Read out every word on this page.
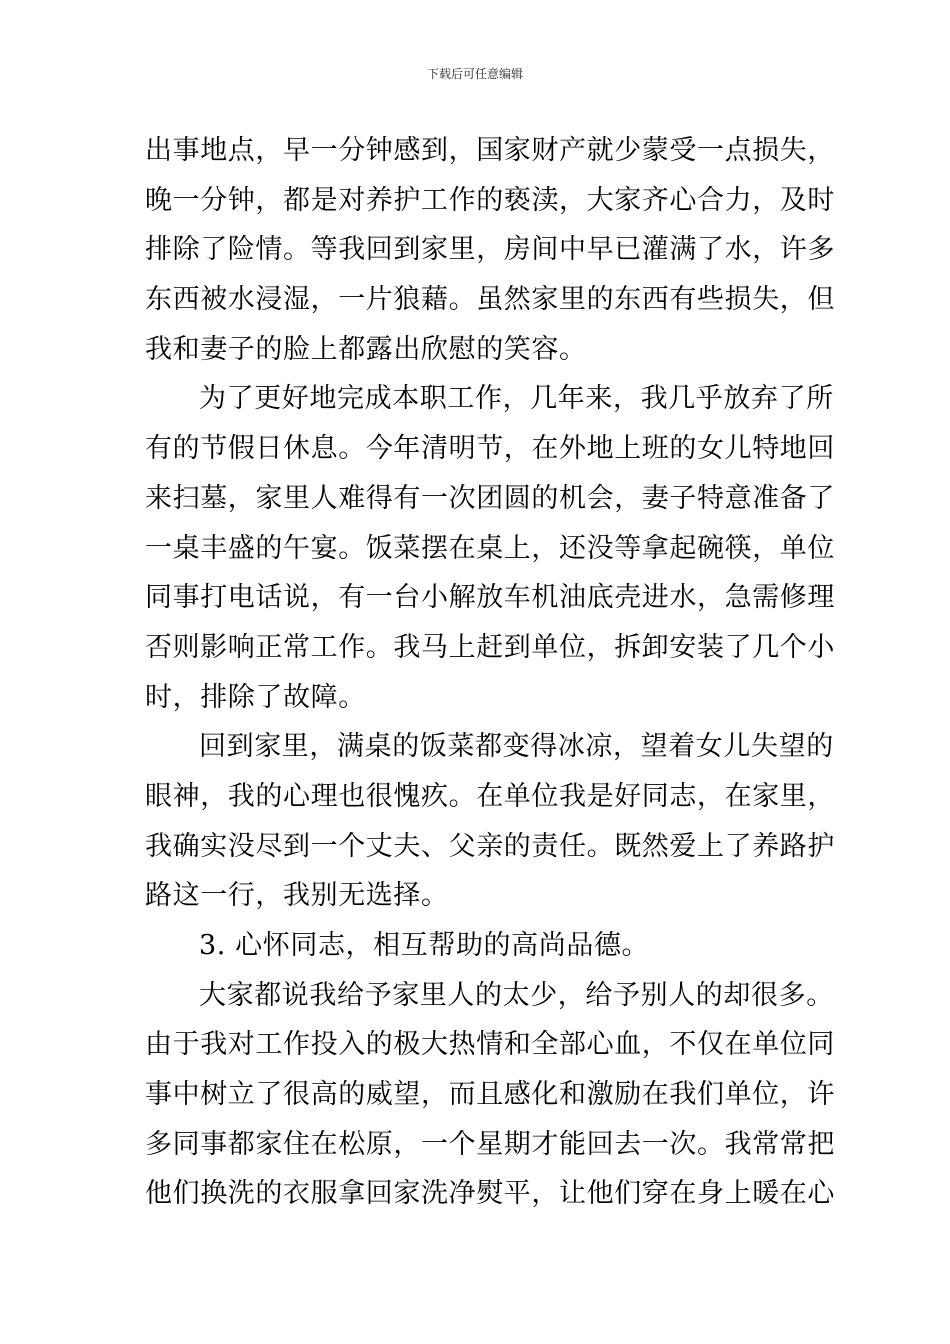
下载后可任意编辑
出事地点，早一分钟感到，国家财产就少蒙受一点损失，
晚一分钟，都是对养护工作的亵渎，大家齐心合力，及时
排除了险情。等我回到家里，房间中早已灌满了水，许多
东西被水浸湿，一片狼藉。虽然家里的东西有些损失，但
我和妻子的脸上都露出欣慰的笑容。
为了更好地完成本职工作，几年来，我几乎放弃了所
有的节假日休息。今年清明节，在外地上班的女儿特地回
来扫墓，家里人难得有一次团圆的机会，妻子特意准备了
一桌丰盛的午宴。饭菜摆在桌上，还没等拿起碗筷，单位
同事打电话说，有一台小解放车机油底壳进水，急需修理
否则影响正常工作。我马上赶到单位，拆卸安装了几个小
时，排除了故障。
回到家里，满桌的饭菜都变得冰凉，望着女儿失望的
眼神，我的心理也很愧疚。在单位我是好同志，在家里，
我确实没尽到一个丈夫、父亲的责任。既然爱上了养路护
路这一行，我别无选择。
3. 心怀同志，相互帮助的高尚品德。
大家都说我给予家里人的太少，给予别人的却很多。
由于我对工作投入的极大热情和全部心血，不仅在单位同
事中树立了很高的威望，而且感化和激励在我们单位，许
多同事都家住在松原，一个星期才能回去一次。我常常把
他们换洗的衣服拿回家洗净熨平，让他们穿在身上暖在心
